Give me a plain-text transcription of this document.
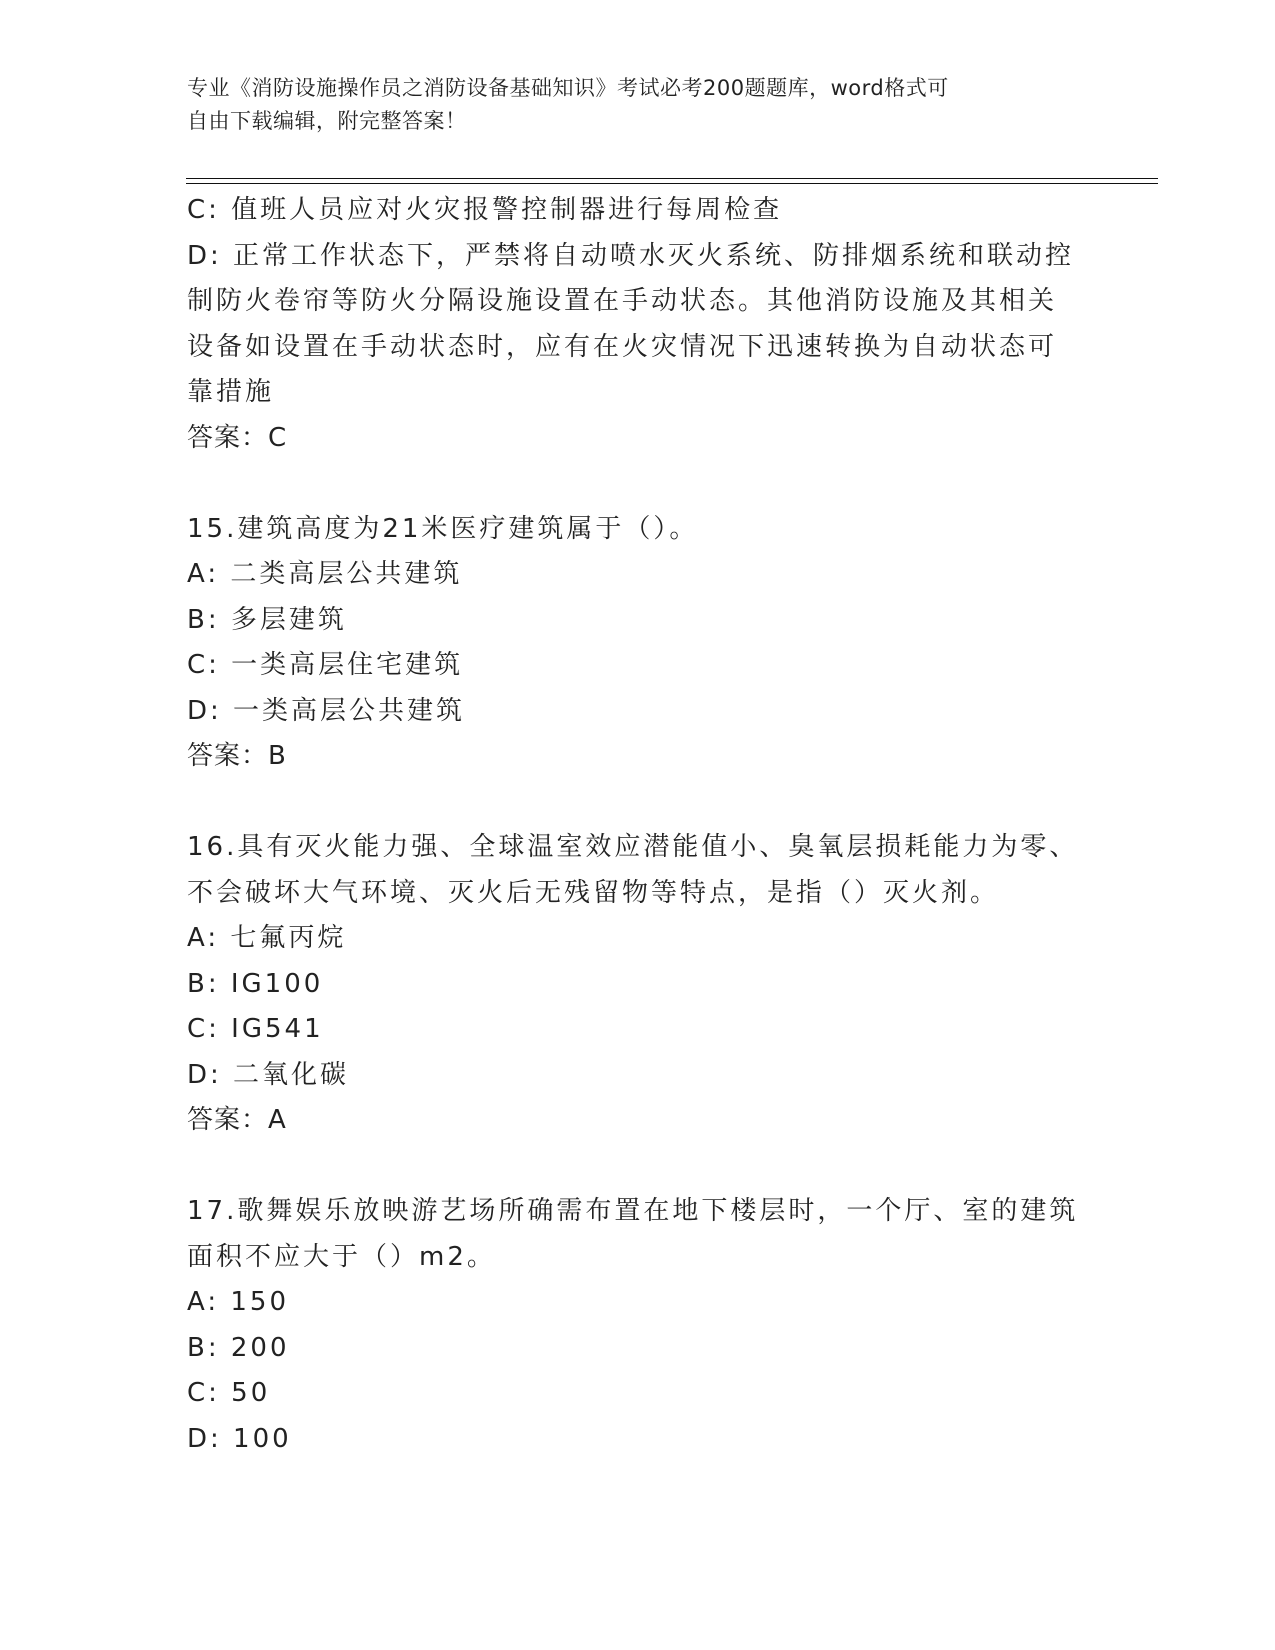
专业《消防设施操作员之消防设备基础知识》考试必考200题题库，word格式可
自由下载编辑，附完整答案！
C: 值班人员应对火灾报警控制器进行每周检查
D: 正常工作状态下，严禁将自动喷水灭火系统、防排烟系统和联动控
制防火卷帘等防火分隔设施设置在手动状态。其他消防设施及其相关
设备如设置在手动状态时，应有在火灾情况下迅速转换为自动状态可
靠措施
答案：C
15.建筑高度为21米医疗建筑属于（）。
A: 二类高层公共建筑
B: 多层建筑
C: 一类高层住宅建筑
D: 一类高层公共建筑
答案：B
16.具有灭火能力强、全球温室效应潜能值小、臭氧层损耗能力为零、
不会破坏大气环境、灭火后无残留物等特点，是指（）灭火剂。
A: 七氟丙烷
B: IG100
C: IG541
D: 二氧化碳
答案：A
17.歌舞娱乐放映游艺场所确需布置在地下楼层时，一个厅、室的建筑
面积不应大于（）m2。
A: 150
B: 200
C: 50
D: 100
